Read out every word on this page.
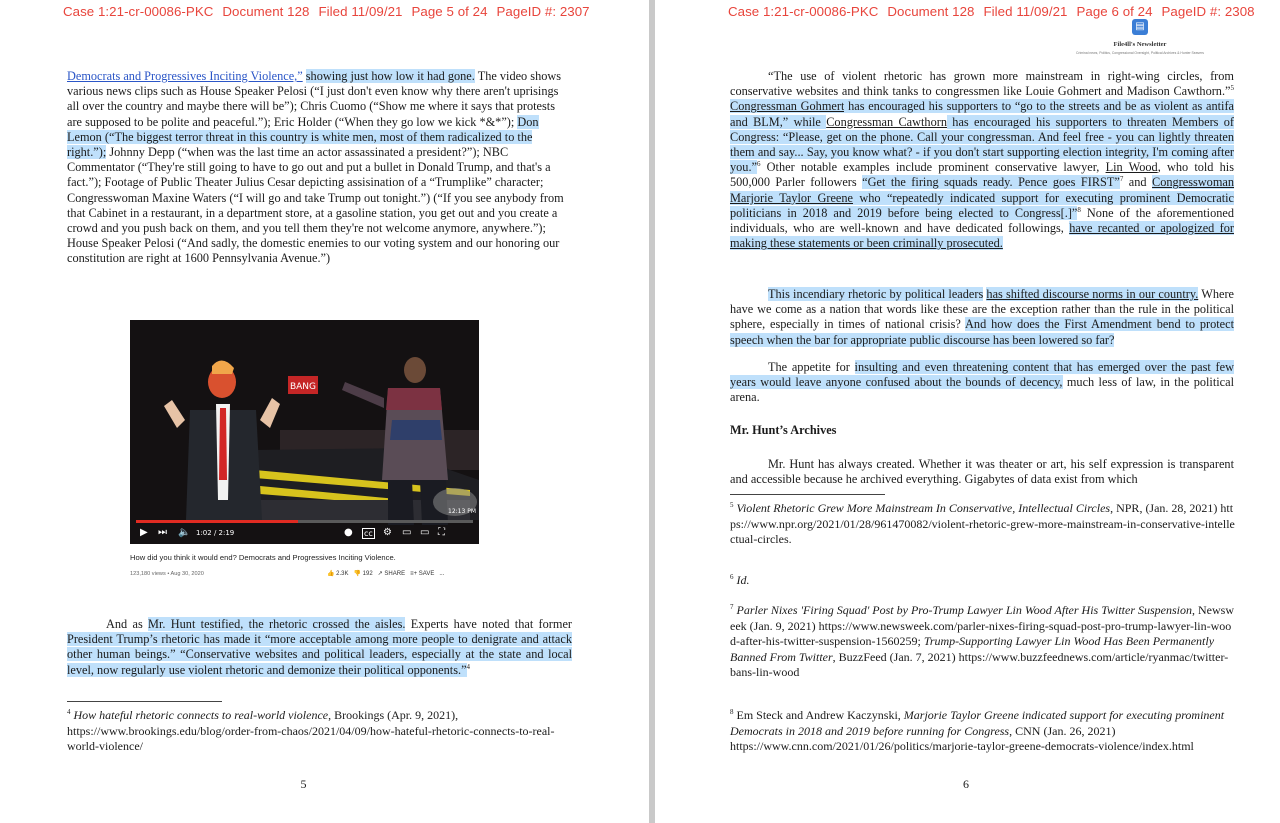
Case 1:21-cr-00086-PKC Document 128 Filed 11/09/21 Page 5 of 24 PageID #: 2307

Democrats and Progressives Inciting Violence,” showing just how low it had gone. The video shows various news clips such as House Speaker Pelosi (“I just don't even know why there aren't uprisings all over the country and maybe there will be”); Chris Cuomo (“Show me where it says that protests are supposed to be polite and peaceful.”); Eric Holder (“When they go low we kick *&*”); Don Lemon (“The biggest terror threat in this country is white men, most of them radicalized to the right.”); Johnny Depp (“when was the last time an actor assassinated a president?”); NBC Commentator (“They're still going to have to go out and put a bullet in Donald Trump, and that's a fact.”); Footage of Public Theater Julius Cesar depicting assisination of a “Trumplike” character; Congresswoman Maxine Waters (“I will go and take Trump out tonight.”) (“If you see anybody from that Cabinet in a restaurant, in a department store, at a gasoline station, you get out and you create a crowd and you push back on them, and you tell them they're not welcome anymore, anywhere.”); House Speaker Pelosi (“And sadly, the domestic enemies to our voting system and our honoring our constitution are right at 1600 Pennsylvania Avenue.”)

BANG
▶ ⏭ 🔈 1:02 / 2:19	● cc ⚙ ▭ ▭ ⛶
12:13 PM
How did you think it would end? Democrats and Progressives Inciting Violence.
123,180 views • Aug 30, 2020	👍 2.3K 👎 192 ↗ SHARE ≡+ SAVE ...

And as Mr. Hunt testified, the rhetoric crossed the aisles. Experts have noted that former President Trump’s rhetoric has made it “more acceptable among more people to denigrate and attack other human beings.” “Conservative websites and political leaders, especially at the state and local level, now regularly use violent rhetoric and demonize their political opponents.”$^4$

$^4$ How hateful rhetoric connects to real-world violence, Brookings (Apr. 9, 2021), https://www.brookings.edu/blog/order-from-chaos/2021/04/09/how-hateful-rhetoric-connects-to-real-world-violence/

5
Case 1:21-cr-00086-PKC Document 128 Filed 11/09/21 Page 6 of 24 PageID #: 2308
▤
File4ll's Newsletter
Criminal news, Politics, Congressional Oversight, Political Archives & Hunter Seavers

“The use of violent rhetoric has grown more mainstream in right-wing circles, from conservative websites and think tanks to congressmen like Louie Gohmert and Madison Cawthorn.”$^5$ Congressman Gohmert has encouraged his supporters to “go to the streets and be as violent as antifa and BLM,” while Congressman Cawthorn has encouraged his supporters to threaten Members of Congress: “Please, get on the phone. Call your congressman. And feel free - you can lightly threaten them and say... Say, you know what? - if you don't start supporting election integrity, I'm coming after you.”$^6$ Other notable examples include prominent conservative lawyer, Lin Wood, who told his 500,000 Parler followers “Get the firing squads ready. Pence goes FIRST”$^7$ and Congresswoman Marjorie Taylor Greene who “repeatedly indicated support for executing prominent Democratic politicians in 2018 and 2019 before being elected to Congress[.]”$^8$ None of the aforementioned individuals, who are well-known and have dedicated followings, have recanted or apologized for making these statements or been criminally prosecuted.

This incendiary rhetoric by political leaders has shifted discourse norms in our country. Where have we come as a nation that words like these are the exception rather than the rule in the political sphere, especially in times of national crisis? And how does the First Amendment bend to protect speech when the bar for appropriate public discourse has been lowered so far?

The appetite for insulting and even threatening content that has emerged over the past few years would leave anyone confused about the bounds of decency, much less of law, in the political arena.

Mr. Hunt’s Archives

Mr. Hunt has always created. Whether it was theater or art, his self expression is transparent and accessible because he archived everything. Gigabytes of data exist from which

$^5$ Violent Rhetoric Grew More Mainstream In Conservative, Intellectual Circles, NPR, (Jan. 28, 2021) https://www.npr.org/2021/01/28/961470082/violent-rhetoric-grew-more-mainstream-in-conservative-intellectual-circles.

$^6$ Id.

$^7$ Parler Nixes 'Firing Squad' Post by Pro-Trump Lawyer Lin Wood After His Twitter Suspension, Newsweek (Jan. 9, 2021) https://www.newsweek.com/parler-nixes-firing-squad-post-pro-trump-lawyer-lin-wood-after-his-twitter-suspension-1560259; Trump-Supporting Lawyer Lin Wood Has Been Permanently Banned From Twitter, BuzzFeed (Jan. 7, 2021) https://www.buzzfeednews.com/article/ryanmac/twitter-bans-lin-wood

$^8$ Em Steck and Andrew Kaczynski, Marjorie Taylor Greene indicated support for executing prominent Democrats in 2018 and 2019 before running for Congress, CNN (Jan. 26, 2021) https://www.cnn.com/2021/01/26/politics/marjorie-taylor-greene-democrats-violence/index.html

6
